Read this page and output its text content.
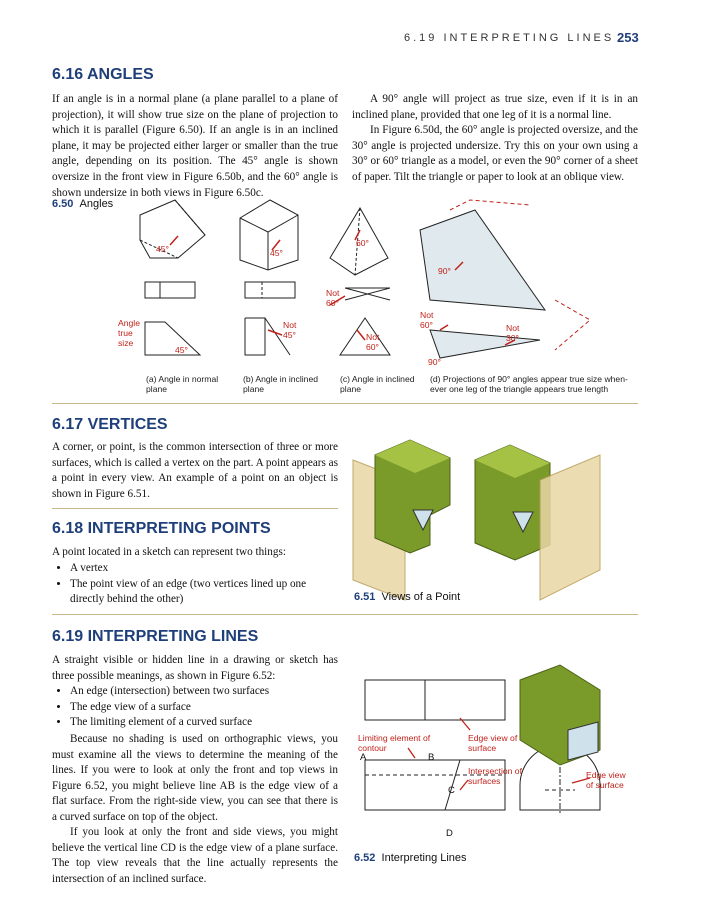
6.19 INTERPRETING LINES 253
6.16 ANGLES

If an angle is in a normal plane (a plane parallel to a plane of projection), it will show true size on the plane of projection to which it is parallel (Figure 6.50). If an angle is in an inclined plane, it may be projected either larger or smaller than the true angle, depending on its position. The 45° angle is shown oversize in the front view in Figure 6.50b, and the 60° angle is shown undersize in both views in Figure 6.50c.

A 90° angle will project as true size, even if it is in an inclined plane, provided that one leg of it is a normal line.

In Figure 6.50d, the 60° angle is projected oversize, and the 30° angle is projected undersize. Try this on your own using a 30° or 60° triangle as a model, or even the 90° corner of a sheet of paper. Tilt the triangle or paper to look at an oblique view.

6.50 Angles
45°	45°
60°
90°
Not 60°
Angle true size
45°
Not 45°	Not 60°
Not 60°	Not 30°
90°
(a) Angle in normal plane
(b) Angle in inclined plane
(c) Angle in inclined plane
(d) Projections of 90° angles appear true size when- ever one leg of the triangle appears true length
6.17 VERTICES

A corner, or point, is the common intersection of three or more surfaces, which is called a vertex on the part. A point appears as a point in every view. An example of a point on an object is shown in Figure 6.51.

6.18 INTERPRETING POINTS

A point located in a sketch can represent two things:

• A vertex
• The point view of an edge (two vertices lined up one directly behind the other)	6.51 Views of a Point
6.19 INTERPRETING LINES

A straight visible or hidden line in a drawing or sketch has three possible meanings, as shown in Figure 6.52:

• An edge (intersection) between two surfaces
• The edge view of a surface
• The limiting element of a curved surface

Because no shading is used on orthographic views, you must examine all the views to determine the meaning of the lines. If you were to look at only the front and top views in Figure 6.52, you might believe line AB is the edge view of a flat surface. From the right-side view, you can see that there is a curved surface on top of the object.

If you look at only the front and side views, you might believe the vertical line CD is the edge view of a plane surface. The top view reveals that the line actually represents the intersection of an inclined surface.

Limiting element of contour
Edge view of surface
Intersection of surfaces
Edge view of surface
A	B
C
D
6.52 Interpreting Lines
